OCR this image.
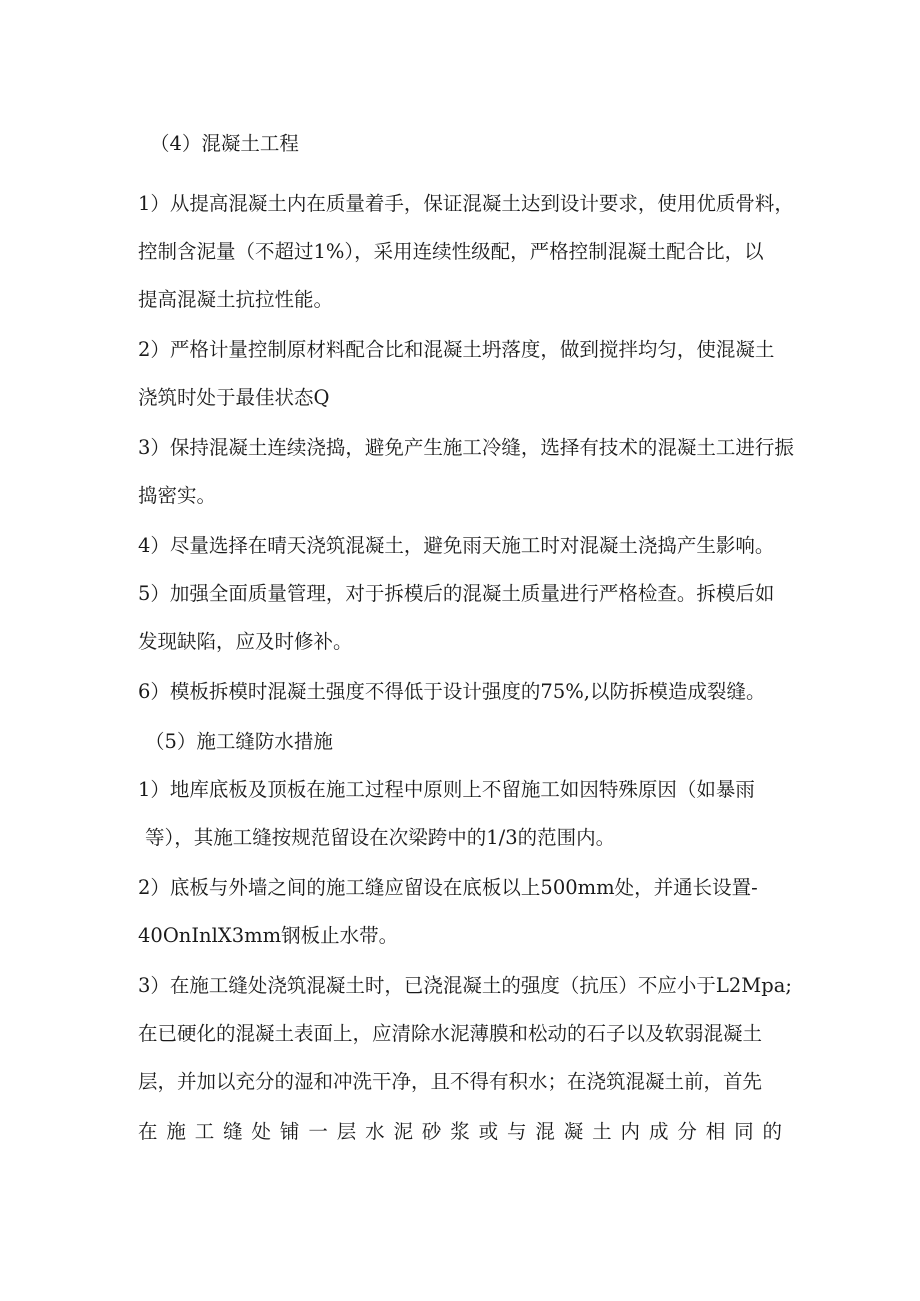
（4）混凝土工程
1）从提高混凝土内在质量着手，保证混凝土达到设计要求，使用优质骨料，
控制含泥量（不超过1%），采用连续性级配，严格控制混凝土配合比，以
提高混凝土抗拉性能。
2）严格计量控制原材料配合比和混凝土坍落度，做到搅拌均匀，使混凝土
浇筑时处于最佳状态Q
3）保持混凝土连续浇捣，避免产生施工冷缝，选择有技术的混凝土工进行振
捣密实。
4）尽量选择在晴天浇筑混凝土，避免雨天施工时对混凝土浇捣产生影响。
5）加强全面质量管理，对于拆模后的混凝土质量进行严格检查。拆模后如
发现缺陷，应及时修补。
6）模板拆模时混凝土强度不得低于设计强度的75%,以防拆模造成裂缝。
（5）施工缝防水措施
1）地库底板及顶板在施工过程中原则上不留施工如因特殊原因（如暴雨
等），其施工缝按规范留设在次梁跨中的1/3的范围内。
2）底板与外墙之间的施工缝应留设在底板以上500mm处，并通长设置-
40OnInlX3mm钢板止水带。
3）在施工缝处浇筑混凝土时，已浇混凝土的强度（抗压）不应小于L2Mpa;
在已硬化的混凝土表面上，应清除水泥薄膜和松动的石子以及软弱混凝土
层，并加以充分的湿和冲洗干净，且不得有积水；在浇筑混凝土前，首先
在施工缝处铺一层水泥砂浆或与混凝土内成分相同的
